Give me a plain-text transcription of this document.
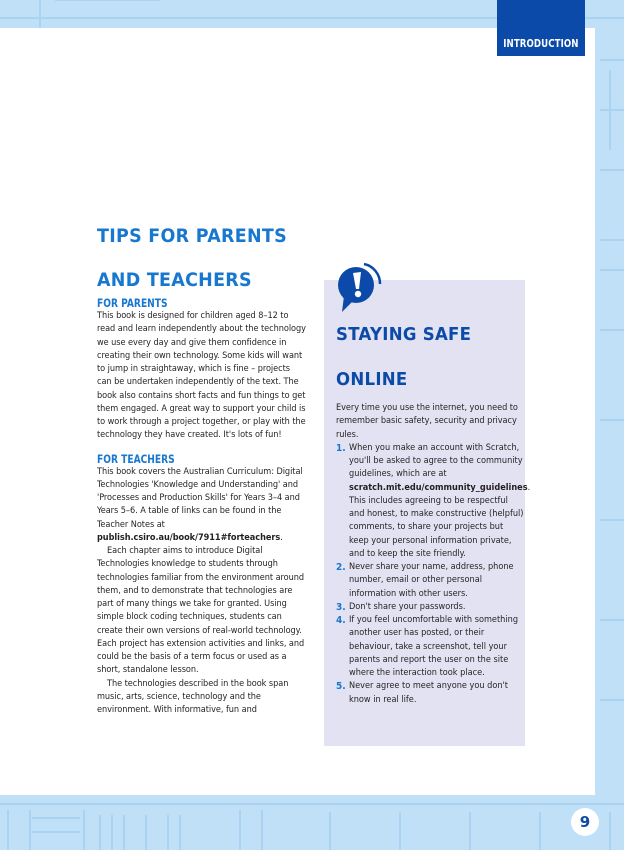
INTRODUCTION
TIPS FOR PARENTS
AND TEACHERS
FOR PARENTS

This book is designed for children aged 8–12 to read and learn independently about the technology we use every day and give them confidence in creating their own technology. Some kids will want to jump in straightaway, which is fine – projects can be undertaken independently of the text. The book also contains short facts and fun things to get them engaged. A great way to support your child is to work through a project together, or play with the technology they have created. It's lots of fun!

FOR TEACHERS

This book covers the Australian Curriculum: Digital Technologies 'Knowledge and Understanding' and 'Processes and Production Skills' for Years 3–4 and Years 5–6. A table of links can be found in the Teacher Notes at publish.csiro.au/book/7911#forteachers.

Each chapter aims to introduce Digital Technologies knowledge to students through technologies familiar from the environment around them, and to demonstrate that technologies are part of many things we take for granted. Using simple block coding techniques, students can create their own versions of real-world technology. Each project has extension activities and links, and could be the basis of a term focus or used as a short, standalone lesson.

The technologies described in the book span music, arts, science, technology and the environment. With informative, fun and

STAYING SAFE
ONLINE

Every time you use the internet, you need to remember basic safety, security and privacy rules.

1. When you make an account with Scratch, you'll be asked to agree to the community guidelines, which are at scratch.mit.edu/community_guidelines. This includes agreeing to be respectful and honest, to make constructive (helpful) comments, to share your projects but keep your personal information private, and to keep the site friendly.
2. Never share your name, address, phone number, email or other personal information with other users.
3. Don't share your passwords.
4. If you feel uncomfortable with something another user has posted, or their behaviour, take a screenshot, tell your parents and report the user on the site where the interaction took place.
5. Never agree to meet anyone you don't know in real life.
9
